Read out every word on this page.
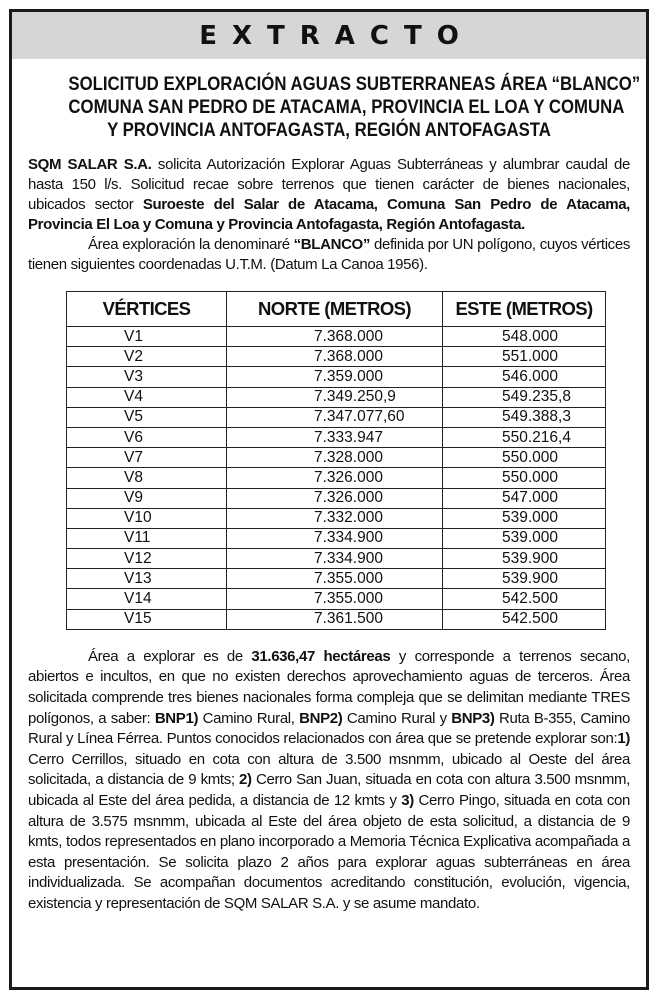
EXTRACTO
SOLICITUD EXPLORACIÓN AGUAS SUBTERRANEAS ÁREA “BLANCO”
COMUNA SAN PEDRO DE ATACAMA, PROVINCIA EL LOA Y COMUNA
Y PROVINCIA ANTOFAGASTA, REGIÓN ANTOFAGASTA

SQM SALAR S.A. solicita Autorización Explorar Aguas Subterráneas y alumbrar caudal de hasta 150 l/s. Solicitud recae sobre terrenos que tienen carácter de bienes nacionales, ubicados sector Suroeste del Salar de Atacama, Comuna San Pedro de Atacama, Provincia El Loa y Comuna y Provincia Antofagasta, Región Antofagasta.

Área exploración la denominaré “BLANCO” definida por UN polígono, cuyos vértices tienen siguientes coordenadas U.T.M. (Datum La Canoa 1956).

VÉRTICES	NORTE (METROS)	ESTE (METROS)
V1	7.368.000	548.000
V2	7.368.000	551.000
V3	7.359.000	546.000
V4	7.349.250,9	549.235,8
V5	7.347.077,60	549.388,3
V6	7.333.947	550.216,4
V7	7.328.000	550.000
V8	7.326.000	550.000
V9	7.326.000	547.000
V10	7.332.000	539.000
V11	7.334.900	539.000
V12	7.334.900	539.900
V13	7.355.000	539.900
V14	7.355.000	542.500
V15	7.361.500	542.500

Área a explorar es de 31.636,47 hectáreas y corresponde a terrenos secano, abiertos e incultos, en que no existen derechos aprovechamiento aguas de terceros. Área solicitada comprende tres bienes nacionales forma compleja que se delimitan mediante TRES polígonos, a saber: BNP1) Camino Rural, BNP2) Camino Rural y BNP3) Ruta B-355, Camino Rural y Línea Férrea. Puntos conocidos relacionados con área que se pretende explorar son:1) Cerro Cerrillos, situado en cota con altura de 3.500 msnmm, ubicado al Oeste del área solicitada, a distancia de 9 kmts; 2) Cerro San Juan, situada en cota con altura 3.500 msnmm, ubicada al Este del área pedida, a distancia de 12 kmts y 3) Cerro Pingo, situada en cota con altura de 3.575 msnmm, ubicada al Este del área objeto de esta solicitud, a distancia de 9 kmts, todos representados en plano incorporado a Memoria Técnica Explicativa acompañada a esta presentación. Se solicita plazo 2 años para explorar aguas subterráneas en área individualizada. Se acompañan documentos acreditando constitución, evolución, vigencia, existencia y representación de SQM SALAR S.A. y se asume mandato.
